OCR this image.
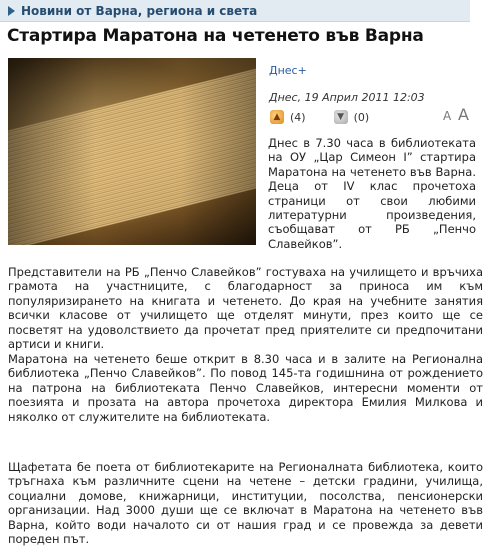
Новини от Варна, региона и света
Стартира Маратона на четенето във Варна
Днес+
Днес, 19 Април 2011 12:03
▲ (4)	▼ (0)	A A

Днес в 7.30 часа в библиотеката на ОУ „Цар Симеон I” стартира Маратона на четенето във Варна. Деца от IV клас прочетоха страници от свои любими литературни произведения, съобщават от РБ „Пенчо Славейков”.

Представители на РБ „Пенчо Славейков” гостуваха на училището и връчиха грамота на участниците, с благодарност за приноса им към популяризирането на книгата и четенето. До края на учебните занятия всички класове от училището ще отделят минути, през които ще се посветят на удоволствието да прочетат пред приятелите си предпочитани артиси и книги.

Маратона на четенето беше открит в 8.30 часа и в залите на Регионална библиотека „Пенчо Славейков”. По повод 145-та годишнина от рождението на патрона на библиотеката Пенчо Славейков, интересни моменти от поезията и прозата на автора прочетоха директора Емилия Милкова и няколко от служителите на библиотеката.

Щафетата бе поета от библиотекарите на Регионалната библиотека, които тръгнаха към различните сцени на четене – детски градини, училища, социални домове, книжарници, институции, посолства, пенсионерски организации. Над 3000 души ще се включат в Маратона на четенето във Варна, който води началото си от нашия град и се провежда за девети пореден път.
